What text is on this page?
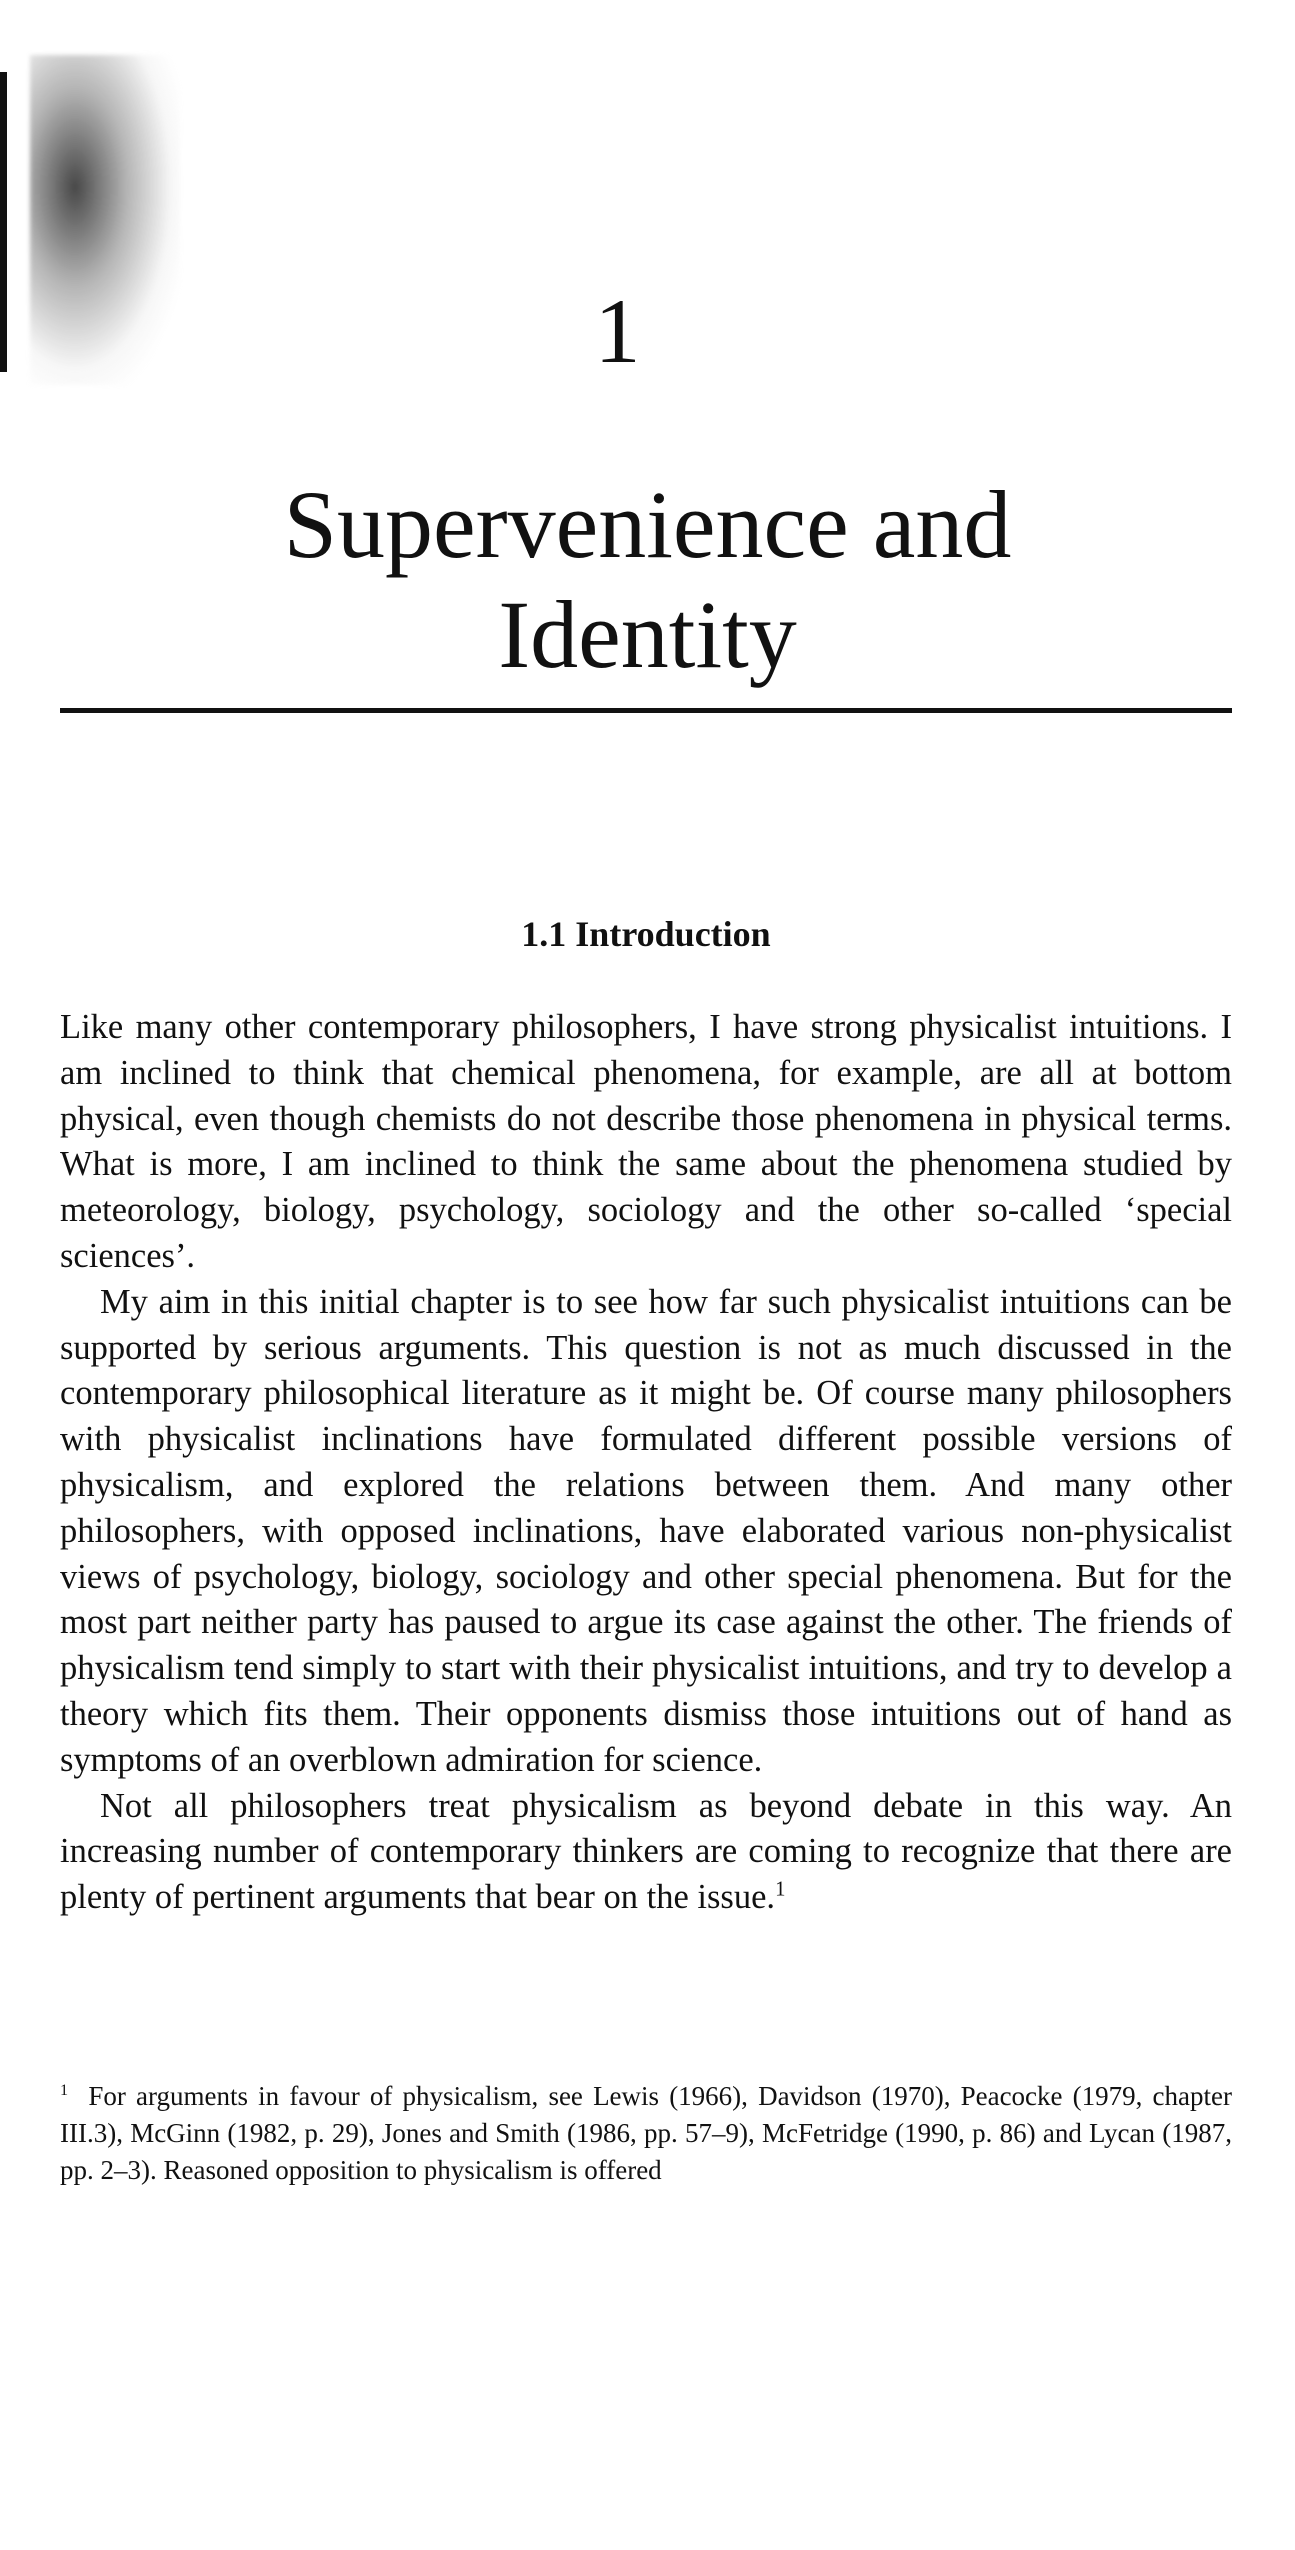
1
Supervenience and
Identity
1.1 Introduction

Like many other contemporary philosophers, I have strong physicalist intuitions. I am inclined to think that chemical phenomena, for example, are all at bottom physical, even though chemists do not describe those phenomena in physical terms. What is more, I am inclined to think the same about the phenomena studied by meteorology, biology, psychology, sociology and the other so-called ‘special sciences’.

My aim in this initial chapter is to see how far such physicalist intuitions can be supported by serious arguments. This question is not as much discussed in the contemporary philosophical literature as it might be. Of course many philosophers with physicalist inclinations have formulated different possible versions of physicalism, and explored the relations between them. And many other philosophers, with opposed inclinations, have elaborated various non-physicalist views of psychology, biology, sociology and other special phenomena. But for the most part neither party has paused to argue its case against the other. The friends of physicalism tend simply to start with their physicalist intuitions, and try to develop a theory which fits them. Their opponents dismiss those intuitions out of hand as symptoms of an overblown admiration for science.

Not all philosophers treat physicalism as beyond debate in this way. An increasing number of contemporary thinkers are coming to recognize that there are plenty of pertinent arguments that bear on the issue.$^1$

$^1$ For arguments in favour of physicalism, see Lewis (1966), Davidson (1970), Peacocke (1979, chapter III.3), McGinn (1982, p. 29), Jones and Smith (1986, pp. 57–9), McFetridge (1990, p. 86) and Lycan (1987, pp. 2–3). Reasoned opposition to physicalism is offered
